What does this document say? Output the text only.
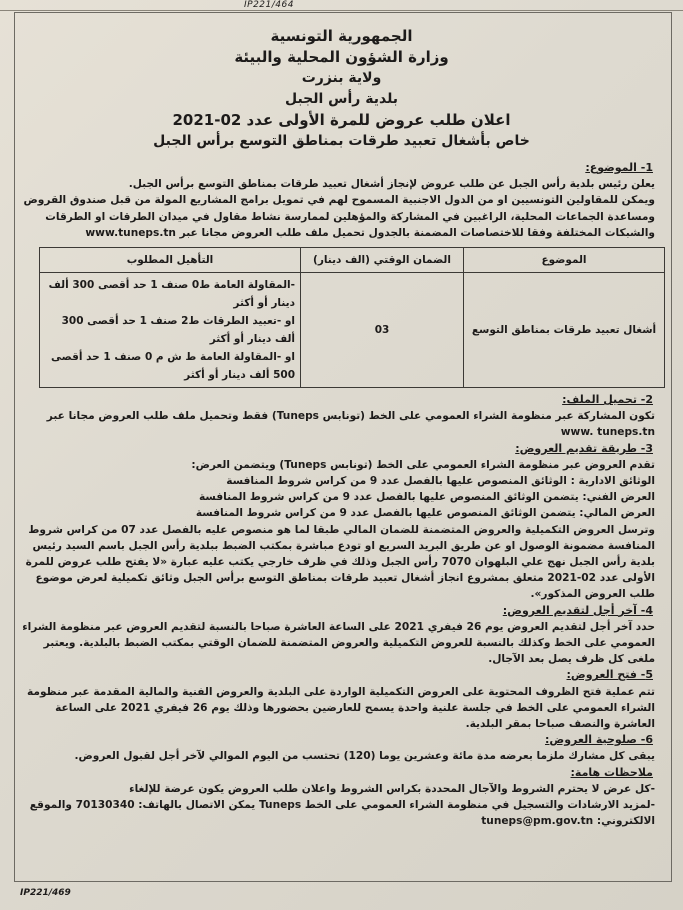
IP221/464
الجمهورية التونسية
وزارة الشؤون المحلية والبيئة
ولاية بنزرت
بلدية رأس الجبل
اعلان طلب عروض للمرة الأولى عدد 02-2021
خاص بأشغال تعبيد طرقات بمناطق التوسع برأس الجبل
1- الموضوع:
يعلن رئيس بلدية رأس الجبل عن طلب عروض لإنجاز أشغال تعبيد طرقات بمناطق التوسع برأس الجبل.
ويمكن للمقاولين التونسيين او من الدول الاجنبية المسموح لهم في تمويل برامج المشاريع المولة من قبل صندوق القروض ومساعدة الجماعات المحلية، الراغبين في المشاركة والمؤهلين لممارسة نشاط مقاول في ميدان الطرقات او الطرقات والشبكات المختلفة وفقا للاختصاصات المضمنة بالجدول تحميل ملف طلب العروض مجانا عبر www.tuneps.tn
الموضوع	الضمان الوقتي (الف دينار)	التأهيل المطلوب
أشغال تعبيد طرقات بمناطق التوسع	03	-المقاولة العامة ط0 صنف 1 حد أقصى 300 ألف دينار أو أكثر
او -تعبيد الطرقات ط2 صنف 1 حد أقصى 300 ألف دينار أو أكثر
او -المقاولة العامة ط ش م 0 صنف 1 حد أقصى 500 ألف دينار أو أكثر
2- تحميل الملف:
تكون المشاركة عبر منظومة الشراء العمومي على الخط (تونابس Tuneps) فقط وتحميل ملف طلب العروض مجانا عبر www. tuneps.tn
3- طريقة تقديم العروض:
تقدم العروض عبر منظومة الشراء العمومي على الخط (تونابس Tuneps) ويتضمن العرض:
الوثائق الادارية : الوثائق المنصوص عليها بالفصل عدد 9 من كراس شروط المنافسة
العرض الفني: يتضمن الوثائق المنصوص عليها بالفصل عدد 9 من كراس شروط المنافسة
العرض المالي: يتضمن الوثائق المنصوص عليها بالفصل عدد 9 من كراس شروط المنافسة
وترسل العروض التكميلية والعروض المتضمنة للضمان المالي طبقا لما هو منصوص عليه بالفصل عدد 07 من كراس شروط المنافسة مضمونة الوصول او عن طريق البريد السريع او تودع مباشرة بمكتب الضبط ببلدية رأس الجبل باسم السيد رئيس بلدية رأس الجبل نهج علي البلهوان 7070 رأس الجبل وذلك في ظرف خارجي يكتب عليه عبارة «لا يفتح طلب عروض للمرة الأولى عدد 02-2021 متعلق بمشروع انجاز أشغال تعبيد طرقات بمناطق التوسع برأس الجبل وثائق تكميلية لعرض موضوع طلب العروض المذكور».
4- آخر أجل لتقديم العروض:
حدد آخر أجل لتقديم العروض يوم 26 فيفري 2021 على الساعة العاشرة صباحا بالنسبة لتقديم العروض عبر منظومة الشراء العمومي على الخط وكذلك بالنسبة للعروض التكميلية والعروض المتضمنة للضمان الوقتي بمكتب الضبط بالبلدية. ويعتبر ملغى كل ظرف يصل بعد الآجال.
5- فتح العروض:
تتم عملية فتح الظروف المحتوية على العروض التكميلية الواردة على البلدية والعروض الفنية والمالية المقدمة عبر منظومة الشراء العمومي على الخط في جلسة علنية واحدة يسمح للعارضين بحضورها وذلك يوم 26 فيفري 2021 على الساعة العاشرة والنصف صباحا بمقر البلدية.
6- صلوحية العروض:
يبقى كل مشارك ملزما بعرضه مدة مائة وعشرين يوما (120) تحتسب من اليوم الموالي لآخر أجل لقبول العروض.
ملاحظات هامة:
-كل عرض لا يحترم الشروط والآجال المحددة بكراس الشروط واعلان طلب العروض يكون عرضة للإلغاء
-لمزيد الارشادات والتسجيل في منظومة الشراء العمومي على الخط Tuneps يمكن الاتصال بالهاتف: 70130340 والموقع الالكتروني: tuneps@pm.gov.tn
IP221/469
